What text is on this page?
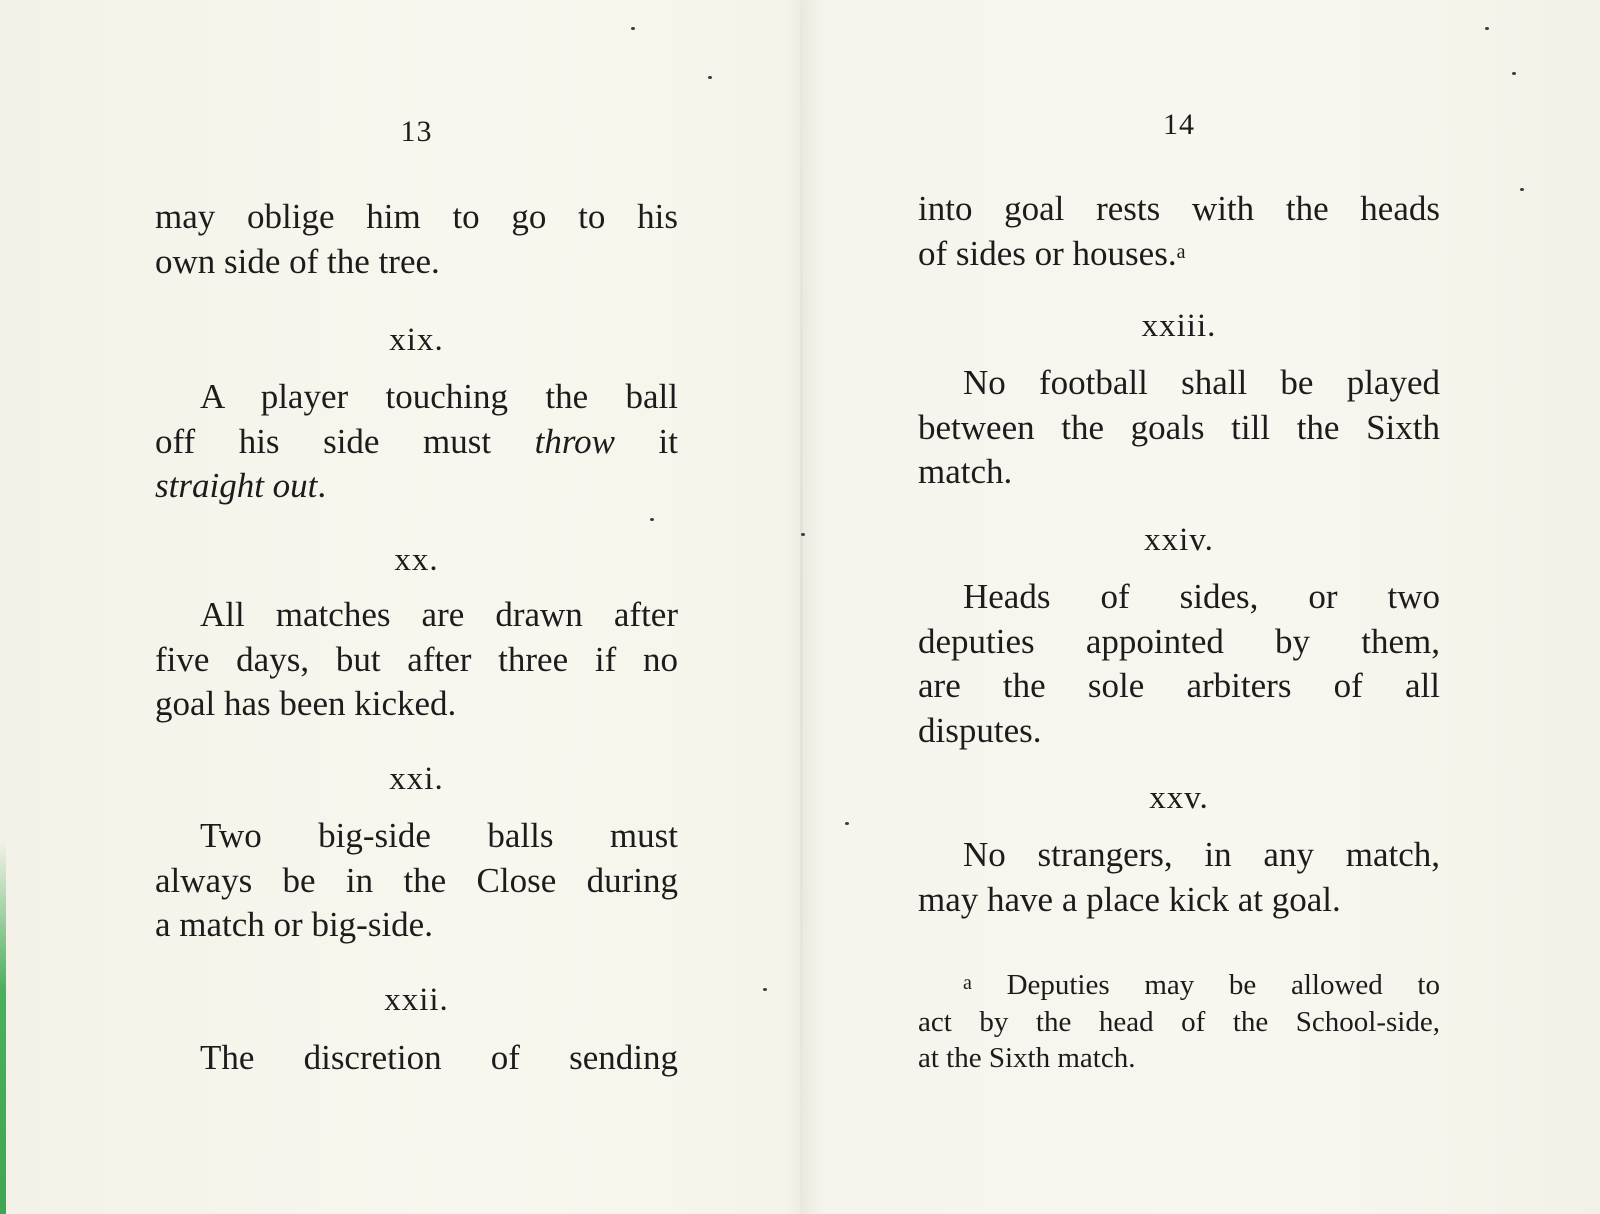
13
may oblige him to go to his
own side of the tree.
xix.
A player touching the ball
off his side must throw it
straight out.
xx.
All matches are drawn after
five days, but after three if no
goal has been kicked.
xxi.
Two big-side balls must
always be in the Close during
a match or big-side.
xxii.
The discretion of sending
14
into goal rests with the heads
of sides or houses.$^a$
xxiii.
No football shall be played
between the goals till the Sixth
match.
xxiv.
Heads of sides, or two
deputies appointed by them,
are the sole arbiters of all
disputes.
xxv.
No strangers, in any match,
may have a place kick at goal.
$^a$ Deputies may be allowed to
act by the head of the School-side,
at the Sixth match.
